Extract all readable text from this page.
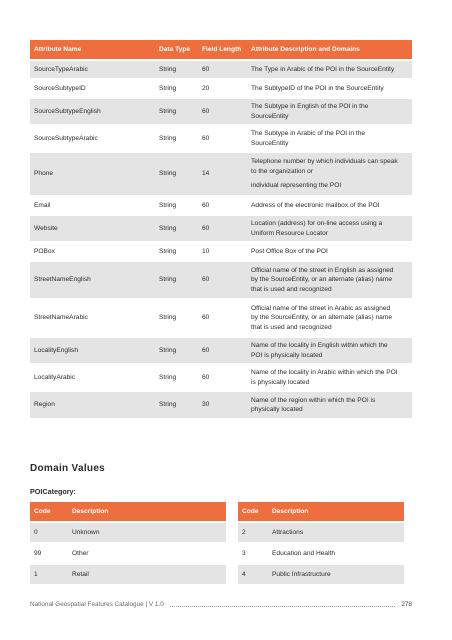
Attribute Name	Data Type	Field Length	Attribute Description and Domains
SourceTypeArabic	String	60	The Type in Arabic of the POI in the SourceEntity

SourceSubtypeID	String	20	The SubtypeID of the POI in the SourceEntity

SourceSubtypeEnglish	String	60	The Subtype in English of the POI in the
SourceEntity

SourceSubtypeArabic	String	60	The Subtype in Arabic of the POI in the
SourceEntity

Phone	String	14	Telephone number by which individuals can speak
to the organization or
individual representing the POI

Email	String	60	Address of the electronic mailbox of the POI

Website	String	60	Location (address) for on-line access using a
Uniform Resource Locator

POBox	String	10	Post Office Box of the POI

StreetNameEnglish	String	60	Official name of the street in English as assigned
by the SourceEntity, or an alternate (alias) name
that is used and recognized

StreetNameArabic	String	60	Official name of the street in Arabic as assigned
by the SourceEntity, or an alternate (alias) name
that is used and recognized

LocalityEnglish	String	60	Name of the locality in English within which the
POI is physically located

LocalityArabic	String	60	Name of the locality in Arabic within which the POI
is physically located

Region	String	30	Name of the region within which the POI is
physically located
Domain Values

POICategory:

Code	Description
0	Unknown
99	Other
1	Retail
Code	Description
2	Attractions
3	Education and Health
4	Public Infrastructure
National Geospatial Features Catalogue | V 1.0	278
